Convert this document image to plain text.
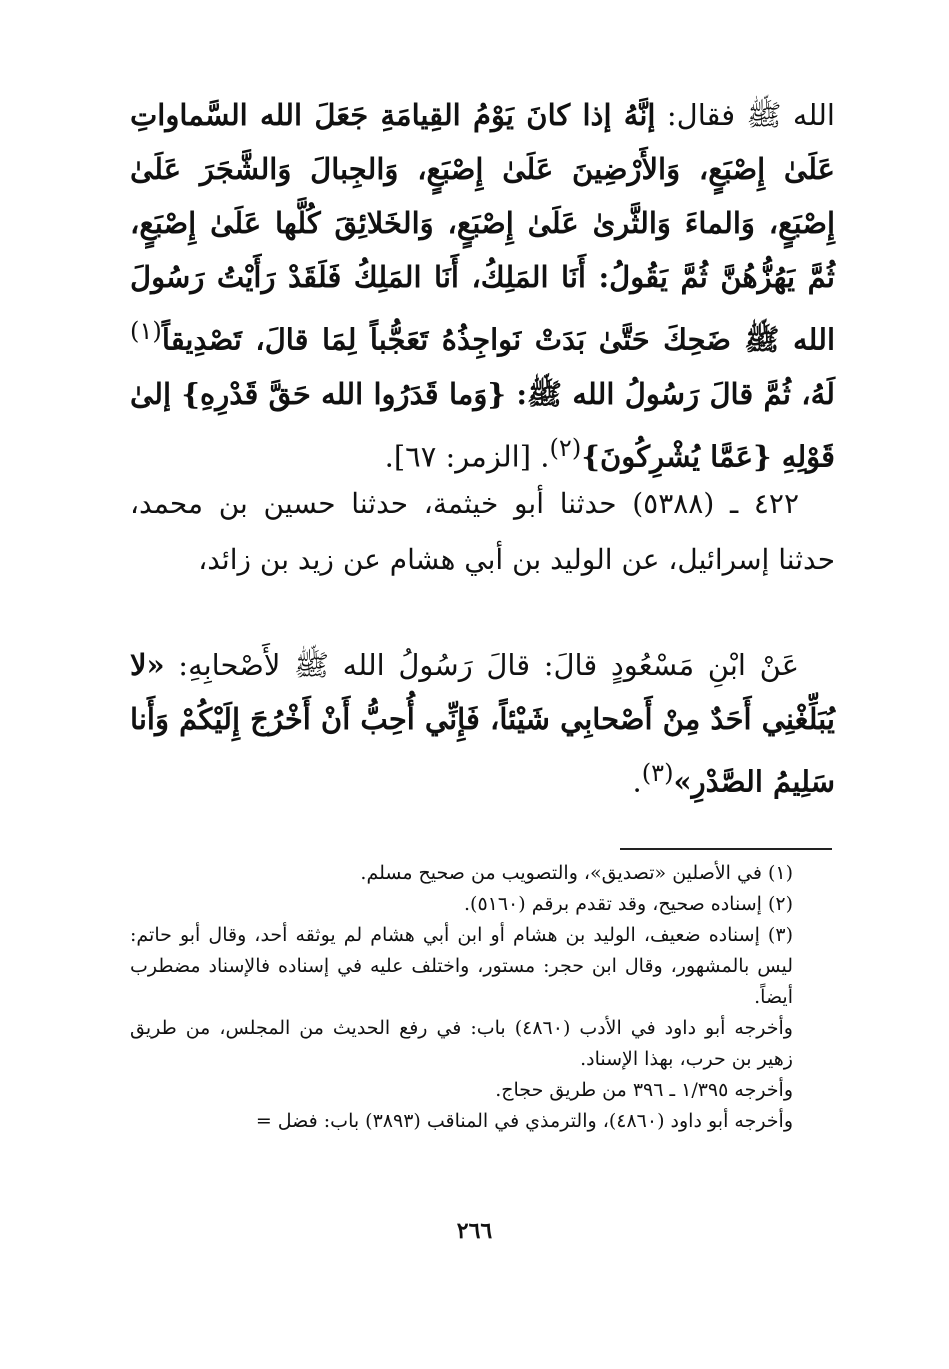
الله ﷺ فقال: إنَّهُ إذا كانَ يَوْمُ القِيامَةِ جَعَلَ الله السَّماواتِ عَلَىٰ إِصْبَعٍ، وَالأَرْضِينَ عَلَىٰ إِصْبَعٍ، وَالجِبالَ وَالشَّجَرَ عَلَىٰ إِصْبَعٍ، وَالماءَ وَالثَّرىٰ عَلَىٰ إِصْبَعٍ، وَالخَلائِقَ كُلَّها عَلَىٰ إِصْبَعٍ، ثُمَّ يَهُزُّهُنَّ ثُمَّ يَقُولُ: أَنَا المَلِكُ، أَنَا المَلِكُ فَلَقَدْ رَأَيْتُ رَسُولَ الله ﷺ ضَحِكَ حَتَّىٰ بَدَتْ نَواجِذُهُ تَعَجُّباً لِمَا قالَ، تَصْدِيقاً$^{(١)}$ لَهُ، ثُمَّ قالَ رَسُولُ الله ﷺ: {وَما قَدَرُوا الله حَقَّ قَدْرِهِ} إلىٰ قَوْلِهِ {عَمَّا يُشْرِكُونَ}$^{(٢)}$. [الزمر: ٦٧].
٤٢٢ ـ (٥٣٨٨) حدثنا أبو خيثمة، حدثنا حسين بن محمد، حدثنا إسرائيل، عن الوليد بن أبي هشام عن زيد بن زائد،
عَنْ ابْنِ مَسْعُودٍ قالَ: قالَ رَسُولُ الله ﷺ لأَصْحابِهِ: «لا يُبَلِّغْنِي أَحَدٌ مِنْ أَصْحابِي شَيْئاً، فَإِنِّي أُحِبُّ أَنْ أَخْرُجَ إِلَيْكُمْ وَأَنا سَلِيمُ الصَّدْرِ»$^{(٣)}$.

(١) في الأصلين «تصديق»، والتصويب من صحيح مسلم.

(٢) إسناده صحيح، وقد تقدم برقم (٥١٦٠).

(٣) إسناده ضعيف، الوليد بن هشام أو ابن أبي هشام لم يوثقه أحد، وقال أبو حاتم: ليس بالمشهور، وقال ابن حجر: مستور، واختلف عليه في إسناده فالإسناد مضطرب أيضاً.

وأخرجه أبو داود في الأدب (٤٨٦٠) باب: في رفع الحديث من المجلس، من طريق زهير بن حرب، بهذا الإسناد.

وأخرجه ١/٣٩٥ ـ ٣٩٦ من طريق حجاج.

وأخرجه أبو داود (٤٨٦٠)، والترمذي في المناقب (٣٨٩٣) باب: فضل =

٢٦٦
